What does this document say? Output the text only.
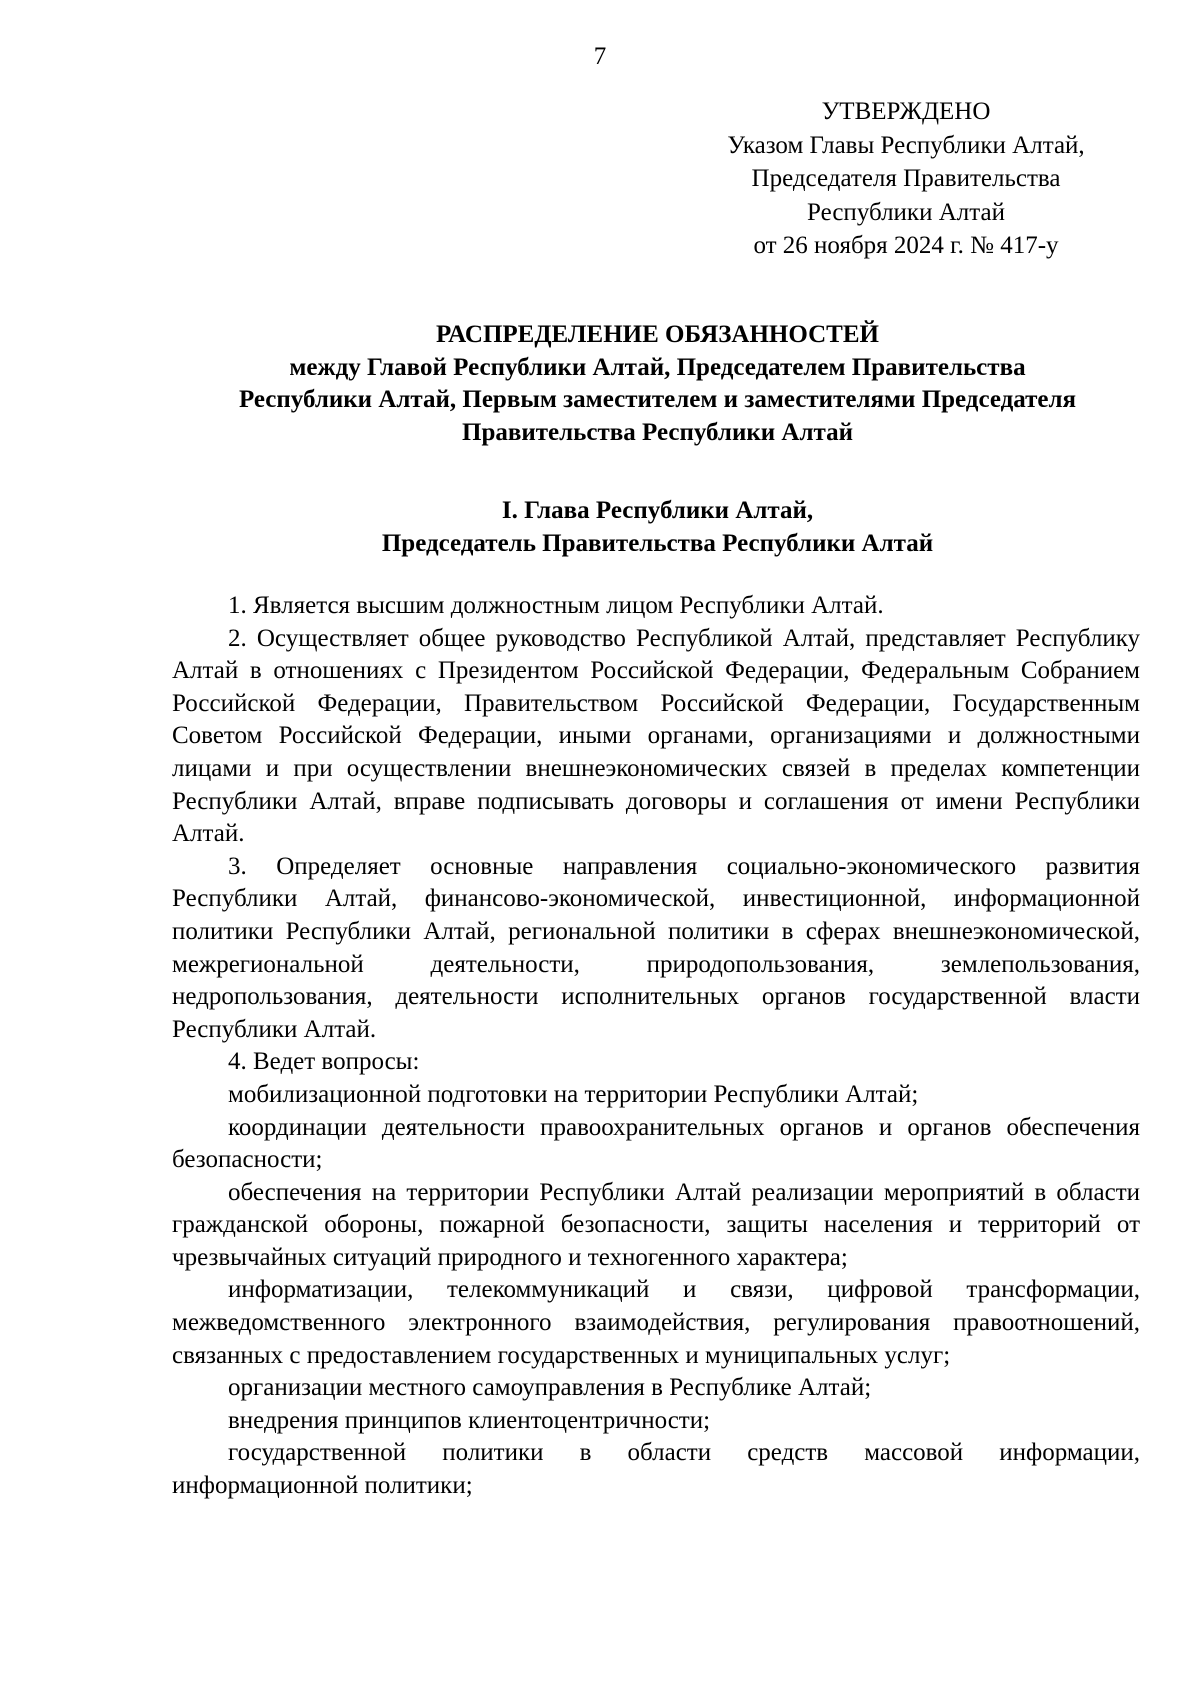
7
УТВЕРЖДЕНО
Указом Главы Республики Алтай,
Председателя Правительства
Республики Алтай
от 26 ноября 2024 г. № 417-у
РАСПРЕДЕЛЕНИЕ ОБЯЗАННОСТЕЙ
между Главой Республики Алтай, Председателем Правительства
Республики Алтай, Первым заместителем и заместителями Председателя
Правительства Республики Алтай
I. Глава Республики Алтай,
Председатель Правительства Республики Алтай

1. Является высшим должностным лицом Республики Алтай.

2. Осуществляет общее руководство Республикой Алтай, представляет Республику Алтай в отношениях с Президентом Российской Федерации, Федеральным Собранием Российской Федерации, Правительством Российской Федерации, Государственным Советом Российской Федерации, иными органами, организациями и должностными лицами и при осуществлении внешнеэкономических связей в пределах компетенции Республики Алтай, вправе подписывать договоры и соглашения от имени Республики Алтай.

3. Определяет основные направления социально-экономического развития Республики Алтай, финансово-экономической, инвестиционной, информационной политики Республики Алтай, региональной политики в сферах внешнеэкономической, межрегиональной деятельности, природопользования, землепользования, недропользования, деятельности исполнительных органов государственной власти Республики Алтай.

4. Ведет вопросы:

мобилизационной подготовки на территории Республики Алтай;

координации деятельности правоохранительных органов и органов обеспечения безопасности;

обеспечения на территории Республики Алтай реализации мероприятий в области гражданской обороны, пожарной безопасности, защиты населения и территорий от чрезвычайных ситуаций природного и техногенного характера;

информатизации, телекоммуникаций и связи, цифровой трансформации, межведомственного электронного взаимодействия, регулирования правоотношений, связанных с предоставлением государственных и муниципальных услуг;

организации местного самоуправления в Республике Алтай;

внедрения принципов клиентоцентричности;

государственной политики в области средств массовой информации, информационной политики;
